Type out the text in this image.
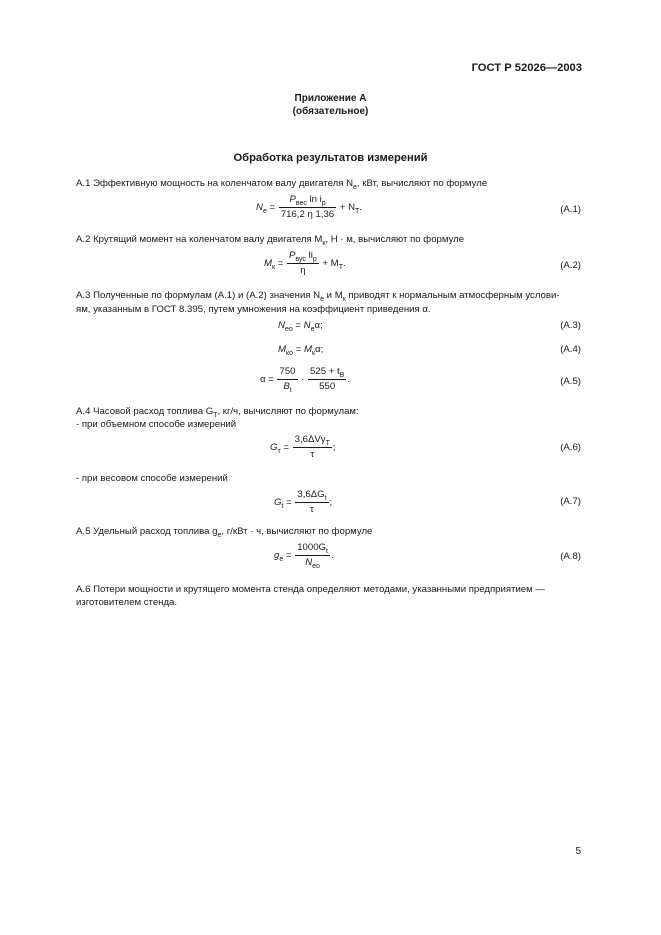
ГОСТ Р 52026—2003
Приложение А
(обязательное)
Обработка результатов измерений
А.1 Эффективную мощность на коленчатом валу двигателя $N_e$, кВт, вычисляют по формуле
$N_e = \frac{P_{вес} \ln i_p}{716,2 \eta 1,36} + N_T$.	(А.1)
А.2 Крутящий момент на коленчатом валу двигателя $M_к$, Н · м, вычисляют по формуле
$M_к = \frac{P_{вус} li_p}{\eta} + M_T$.	(А.2)
А.3 Полученные по формулам (А.1) и (А.2) значения $N_e$ и $M_к$ приводят к нормальным атмосферным услови-
ям, указанным в ГОСТ 8.395, путем умножения на коэффициент приведения α.
$N_{eo} = N_e\alpha$;	(А.3)
$M_{ко} = M_к\alpha$;	(А.4)
$\alpha = \frac{750}{B_t} \cdot \frac{525 + t_B}{550}$ .	(А.5)
А.4 Часовой расход топлива $G_T$, кг/ч, вычисляют по формулам:
- при объемном способе измерений
$G_т = \frac{3,6\Delta V\gamma_T}{\tau}$ ;	(А.6)
- при весовом способе измерений
$G_t = \frac{3,6\Delta G_t}{\tau}$ ;	(А.7)
А.5 Удельный расход топлива $g_e$, г/кВт · ч, вычисляют по формуле
$g_e = \frac{1000G_t}{N_{eo}}$ .	(А.8)
А.6 Потери мощности и крутящего момента стенда определяют методами, указанными предприятием —
изготовителем стенда.
5
